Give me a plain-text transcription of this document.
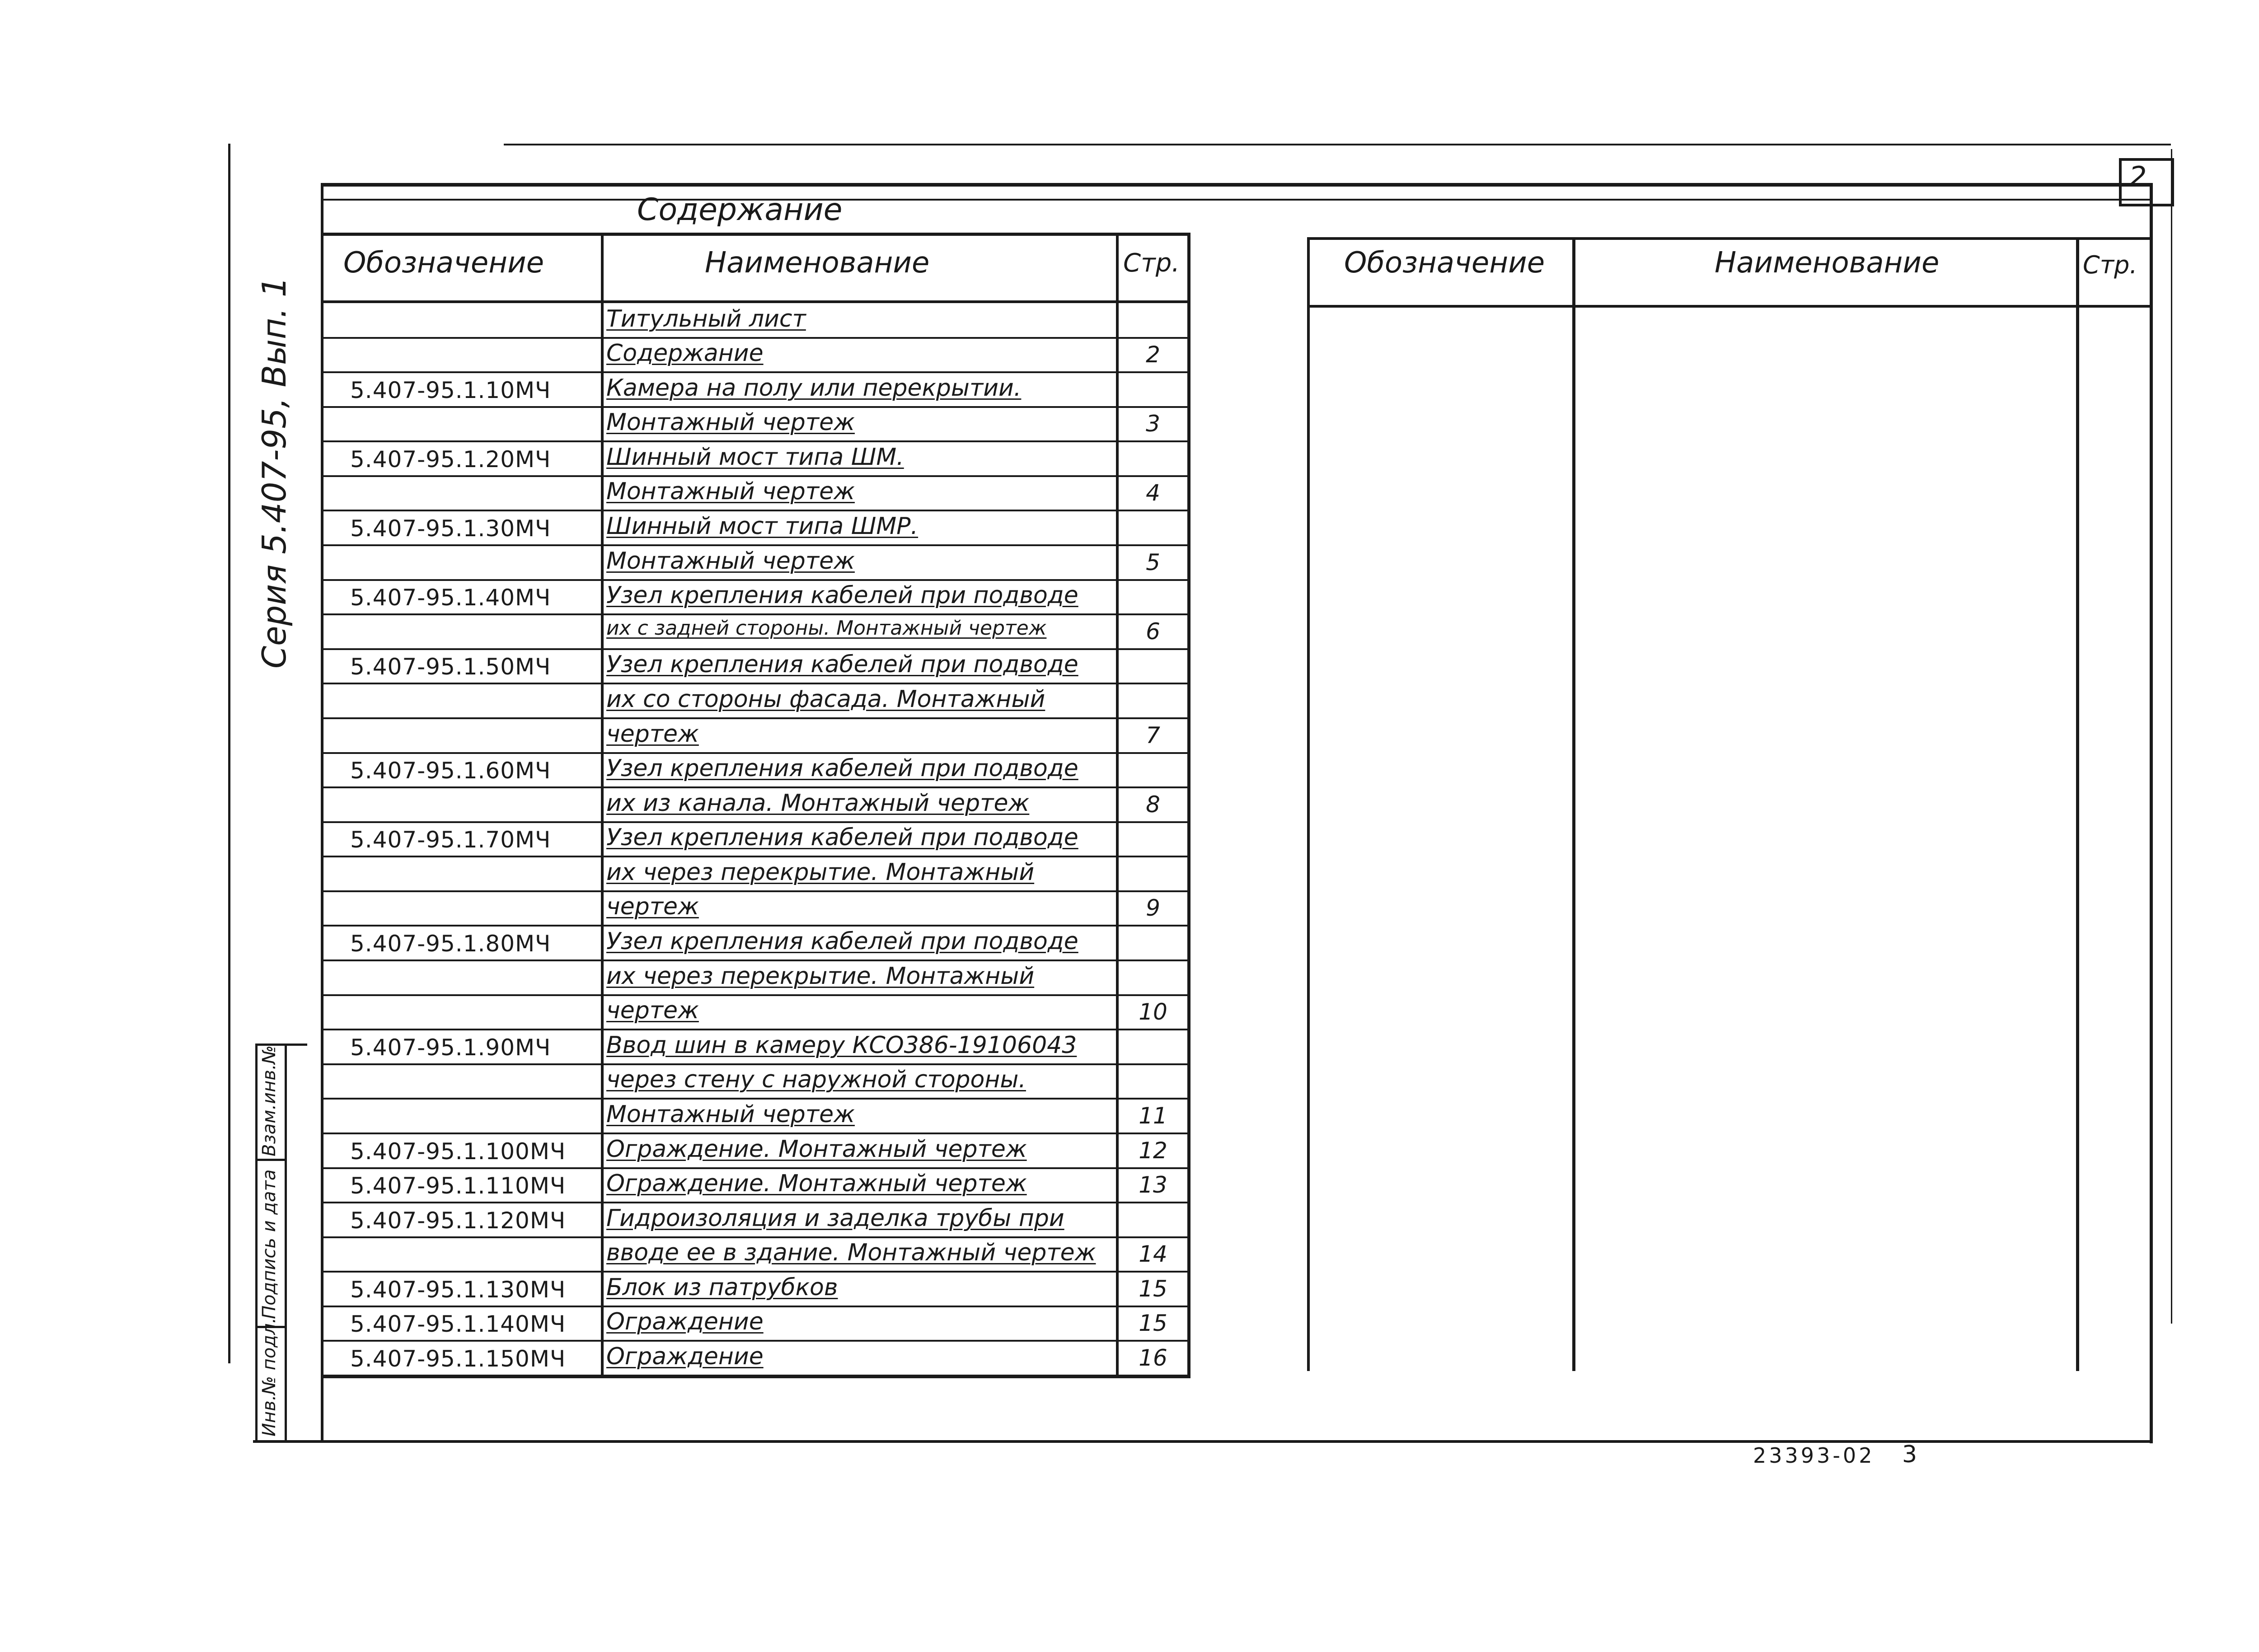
2
Серия 5.407-95, Вып. 1
Взам.инв.№
Подпись и дата
Инв.№ подл.
Содержание
Обозначение	Наименование	Стр.
Титульный лист
Содержание	2
5.407-95.1.10МЧ Камера на полу или перекрытии.
Монтажный чертеж	3
5.407-95.1.20МЧ Шинный мост типа ШМ.
Монтажный чертеж	4
5.407-95.1.30МЧ Шинный мост типа ШМР.
Монтажный чертеж	5
5.407-95.1.40МЧ Узел крепления кабелей при подводе
их с задней стороны. Монтажный чертеж	6
5.407-95.1.50МЧ Узел крепления кабелей при подводе
их со стороны фасада. Монтажный
чертеж	7
5.407-95.1.60МЧ Узел крепления кабелей при подводе
их из канала. Монтажный чертеж	8
5.407-95.1.70МЧ Узел крепления кабелей при подводе
их через перекрытие. Монтажный
чертеж	9
5.407-95.1.80МЧ Узел крепления кабелей при подводе
их через перекрытие. Монтажный
чертеж	10
5.407-95.1.90МЧ Ввод шин в камеру КСО386-19106043
через стену с наружной стороны.
Монтажный чертеж	11
5.407-95.1.100МЧ Ограждение. Монтажный чертеж	12
5.407-95.1.110МЧ Ограждение. Монтажный чертеж	13
5.407-95.1.120МЧ Гидроизоляция и заделка трубы при
вводе ее в здание. Монтажный чертеж	14
5.407-95.1.130МЧ Блок из патрубков	15
5.407-95.1.140МЧ Ограждение	15
5.407-95.1.150МЧ Ограждение	16
Обозначение	Наименование	Стр.
23393-02 3
